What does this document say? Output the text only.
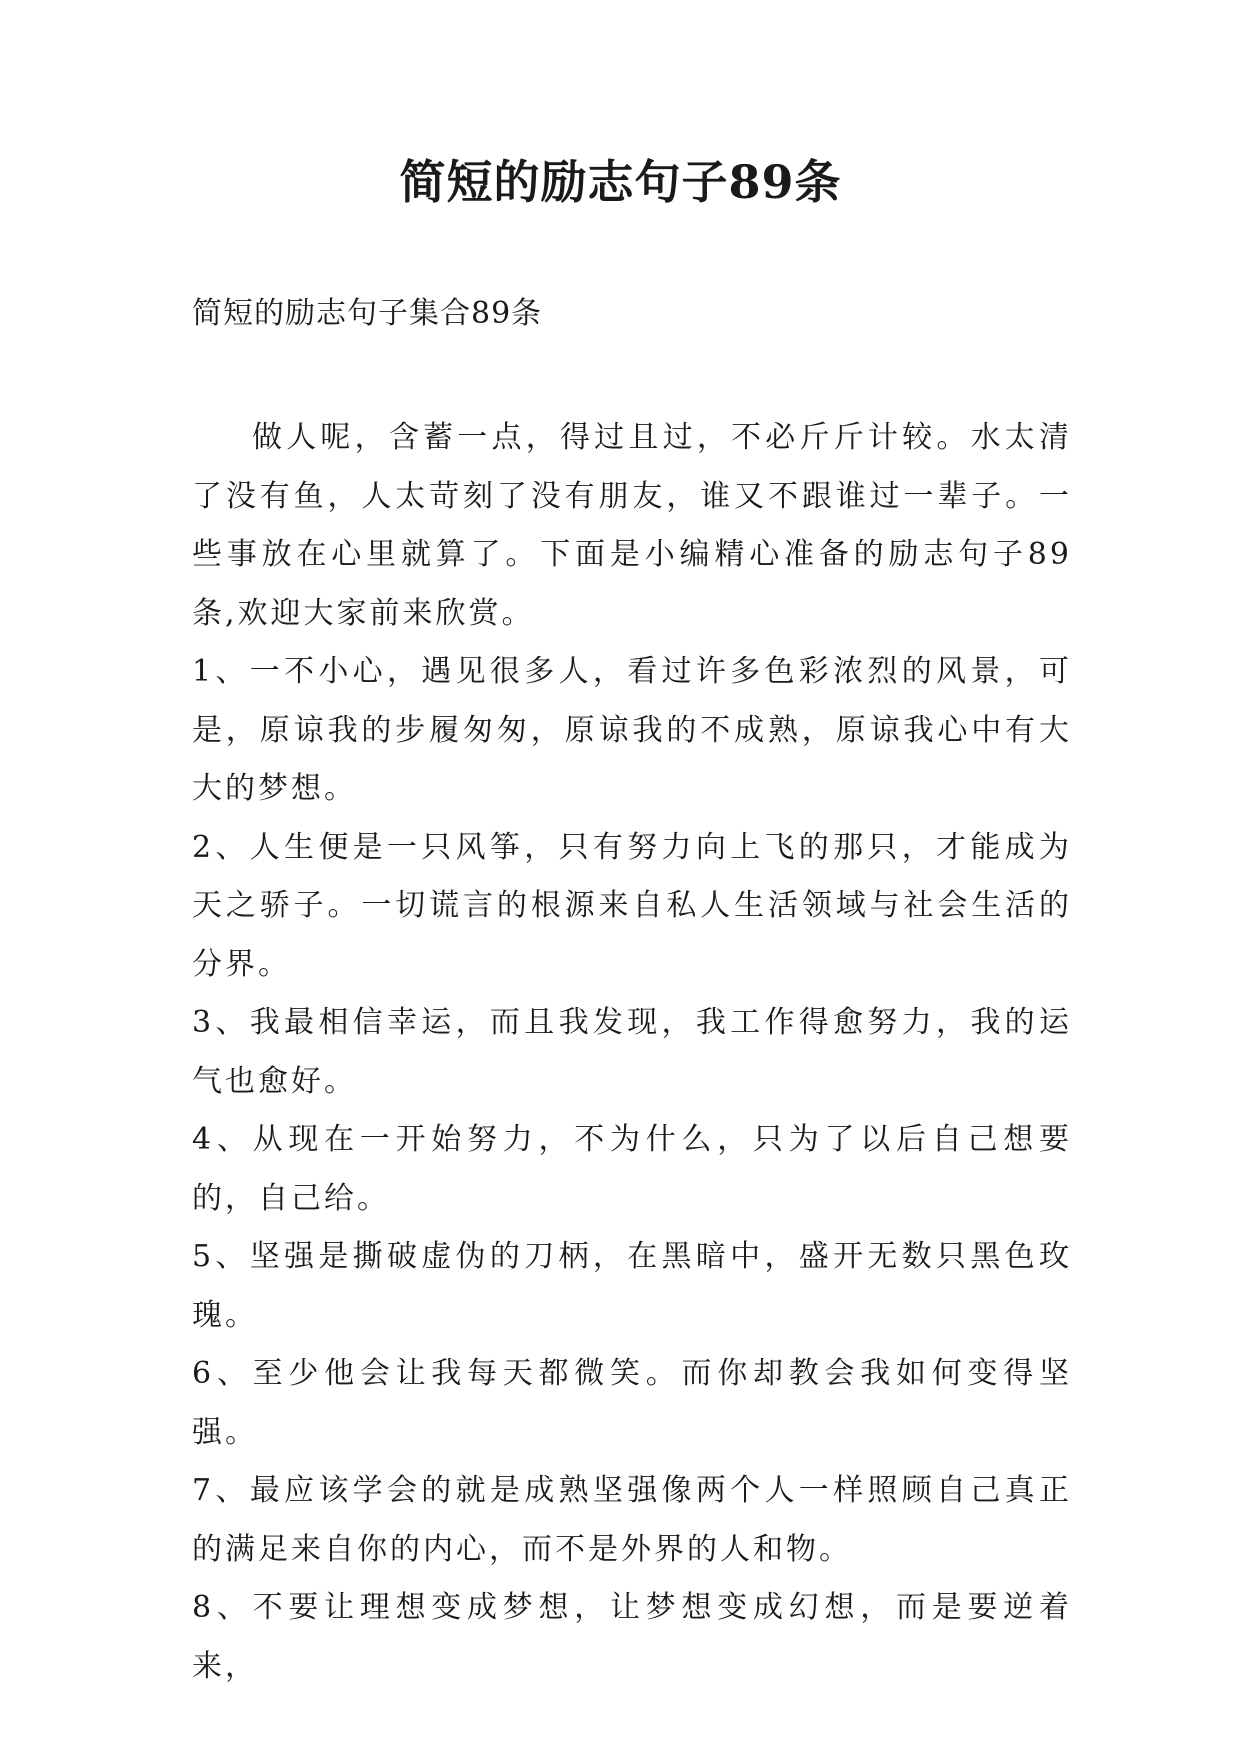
简短的励志句子89条
简短的励志句子集合89条

做人呢，含蓄一点，得过且过，不必斤斤计较。水太清了没有鱼，人太苛刻了没有朋友，谁又不跟谁过一辈子。一些事放在心里就算了。下面是小编精心准备的励志句子89条,欢迎大家前来欣赏。

1、一不小心，遇见很多人，看过许多色彩浓烈的风景，可是，原谅我的步履匆匆，原谅我的不成熟，原谅我心中有大大的梦想。

2、人生便是一只风筝，只有努力向上飞的那只，才能成为天之骄子。一切谎言的根源来自私人生活领域与社会生活的分界。

3、我最相信幸运，而且我发现，我工作得愈努力，我的运气也愈好。

4、从现在一开始努力，不为什么，只为了以后自己想要的，自己给。

5、坚强是撕破虚伪的刀柄，在黑暗中，盛开无数只黑色玫瑰。

6、至少他会让我每天都微笑。而你却教会我如何变得坚强。

7、最应该学会的就是成熟坚强像两个人一样照顾自己真正的满足来自你的内心，而不是外界的人和物。

8、不要让理想变成梦想，让梦想变成幻想，而是要逆着来，
